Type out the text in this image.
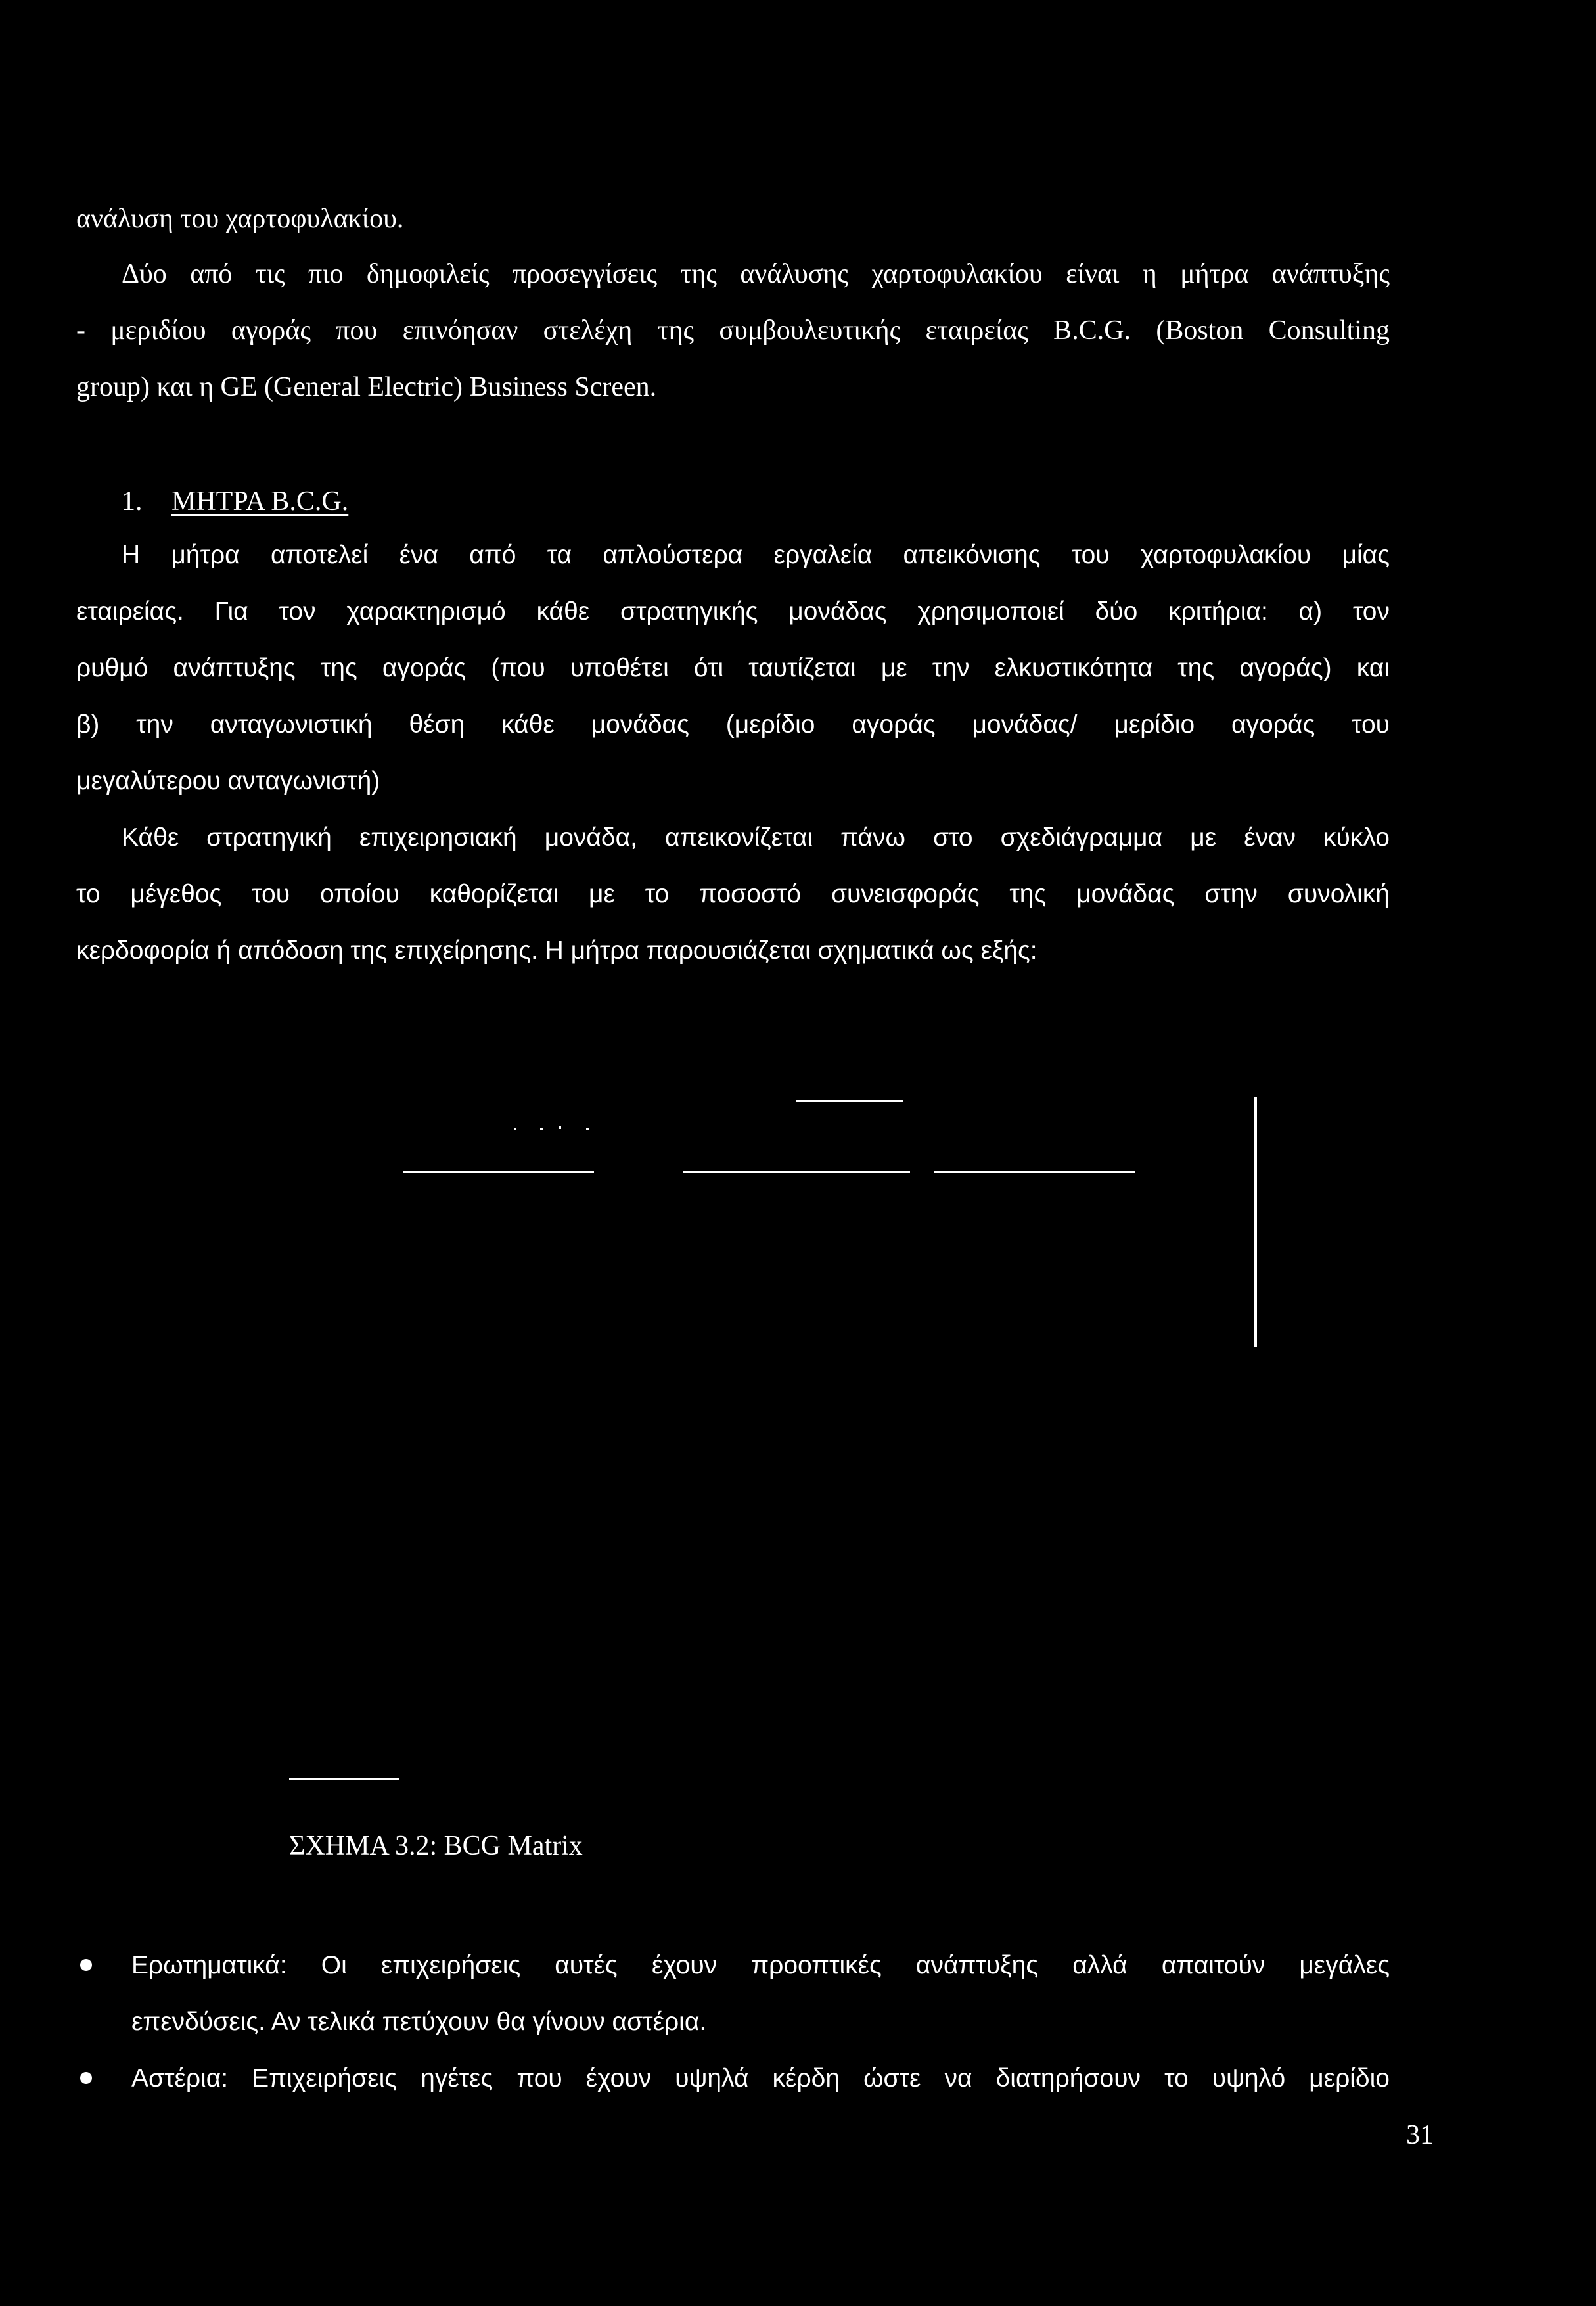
ανάλυση του χαρτοφυλακίου.
Δύο από τις πιο δημοφιλείς προσεγγίσεις της ανάλυσης χαρτοφυλακίου είναι η μήτρα ανάπτυξης
- μεριδίου αγοράς που επινόησαν στελέχη της συμβουλευτικής εταιρείας B.C.G. (Boston Consulting
group) και η GE (General Electric) Business Screen.
1. ΜΗΤΡΑ B.C.G.
Η μήτρα αποτελεί ένα από τα απλούστερα εργαλεία απεικόνισης του χαρτοφυλακίου μίας
εταιρείας. Για τον χαρακτηρισμό κάθε στρατηγικής μονάδας χρησιμοποιεί δύο κριτήρια: α) τον
ρυθμό ανάπτυξης της αγοράς (που υποθέτει ότι ταυτίζεται με την ελκυστικότητα της αγοράς) και
β) την ανταγωνιστική θέση κάθε μονάδας (μερίδιο αγοράς μονάδας/ μερίδιο αγοράς του
μεγαλύτερου ανταγωνιστή)
Κάθε στρατηγική επιχειρησιακή μονάδα, απεικονίζεται πάνω στο σχεδιάγραμμα με έναν κύκλο
το μέγεθος του οποίου καθορίζεται με το ποσοστό συνεισφοράς της μονάδας στην συνολική
κερδοφορία ή απόδοση της επιχείρησης. Η μήτρα παρουσιάζεται σχηματικά ως εξής:
ΣΧΗΜΑ 3.2: BCG Matrix
Ερωτηματικά: Οι επιχειρήσεις αυτές έχουν προοπτικές ανάπτυξης αλλά απαιτούν μεγάλες
επενδύσεις. Αν τελικά πετύχουν θα γίνουν αστέρια.
Αστέρια: Επιχειρήσεις ηγέτες που έχουν υψηλά κέρδη ώστε να διατηρήσουν το υψηλό μερίδιο
31
